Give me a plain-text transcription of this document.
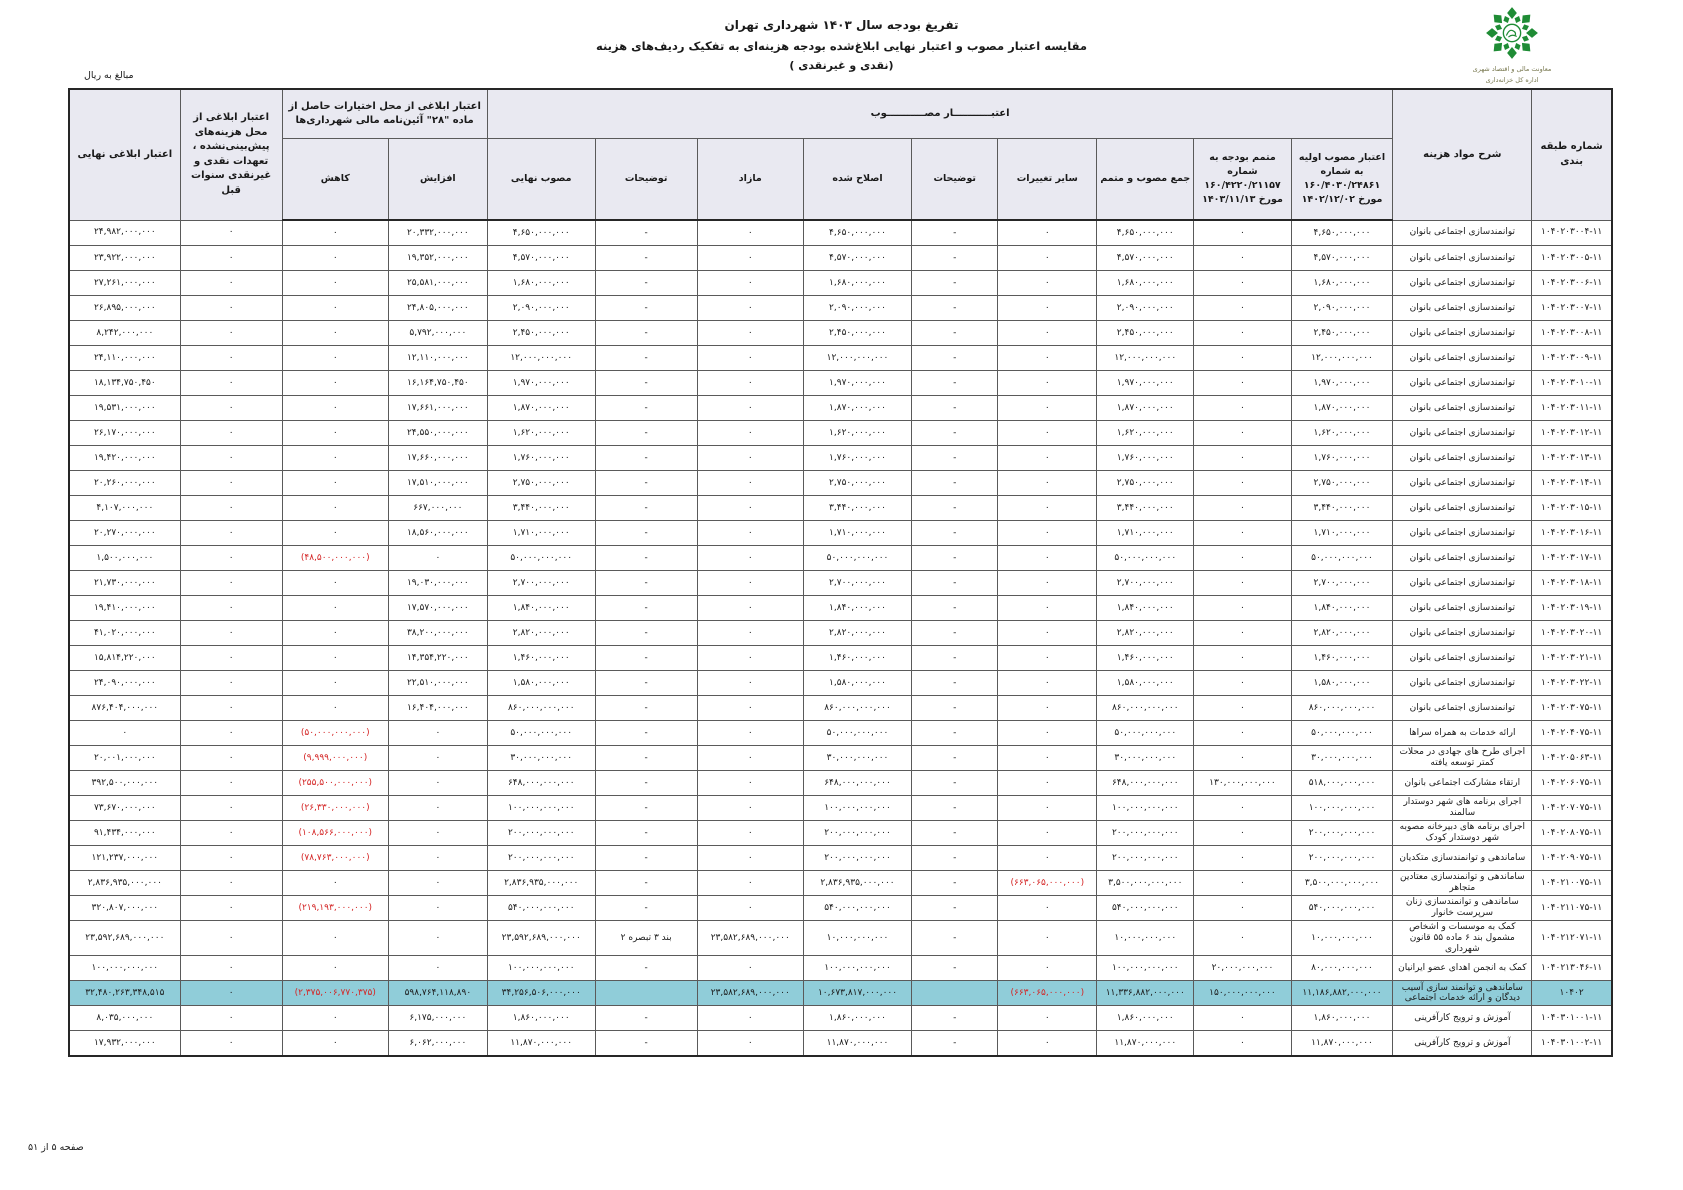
تفریغ بودجه سال ۱۴۰۳ شهرداری تهران
مقایسه اعتبار مصوب و اعتبار نهایی ابلاغ‌شده بودجه هزینه‌ای به تفکیک ردیف‌های هزینه
(نقدی و غیرنقدی )
مبالغ به ریال
معاونت مالی و اقتصاد شهری
اداره کل خزانه‌داری
شماره طبقه بندی	شرح مواد هزینه	اعتبـــــــــــار مصـــــــــــوب									اعتبار ابلاغی از محل اختیارات حاصل از ماده "۲۸" آئین‌نامه مالی شهرداری‌ها		اعتبار ابلاغی از محل هزینه‌های پیش‌بینی‌نشده ، تعهدات نقدی و غیرنقدی سنوات قبل	اعتبار ابلاغی نهایی
		اعتبار مصوب اولیه به شماره ۱۶۰/۴۰۳۰/۲۴۸۶۱ مورخ ۱۴۰۲/۱۲/۰۲	متمم بودجه به شماره ۱۶۰/۴۲۲۰/۲۱۱۵۷ مورخ ۱۴۰۳/۱۱/۱۳	جمع مصوب و متمم	سایر تغییرات	توضیحات	اصلاح شده	مازاد	توضیحات	مصوب نهایی	افزایش	کاهش		
۱۰۴۰۲۰۳۰۰۴-۱۱	توانمندسازی اجتماعی بانوان	۴,۶۵۰,۰۰۰,۰۰۰	۰	۴,۶۵۰,۰۰۰,۰۰۰	۰	-	۴,۶۵۰,۰۰۰,۰۰۰	۰	-	۴,۶۵۰,۰۰۰,۰۰۰	۲۰,۳۳۲,۰۰۰,۰۰۰	۰	۰	۲۴,۹۸۲,۰۰۰,۰۰۰
۱۰۴۰۲۰۳۰۰۵-۱۱	توانمندسازی اجتماعی بانوان	۴,۵۷۰,۰۰۰,۰۰۰	۰	۴,۵۷۰,۰۰۰,۰۰۰	۰	-	۴,۵۷۰,۰۰۰,۰۰۰	۰	-	۴,۵۷۰,۰۰۰,۰۰۰	۱۹,۳۵۲,۰۰۰,۰۰۰	۰	۰	۲۳,۹۲۲,۰۰۰,۰۰۰
۱۰۴۰۲۰۳۰۰۶-۱۱	توانمندسازی اجتماعی بانوان	۱,۶۸۰,۰۰۰,۰۰۰	۰	۱,۶۸۰,۰۰۰,۰۰۰	۰	-	۱,۶۸۰,۰۰۰,۰۰۰	۰	-	۱,۶۸۰,۰۰۰,۰۰۰	۲۵,۵۸۱,۰۰۰,۰۰۰	۰	۰	۲۷,۲۶۱,۰۰۰,۰۰۰
۱۰۴۰۲۰۳۰۰۷-۱۱	توانمندسازی اجتماعی بانوان	۲,۰۹۰,۰۰۰,۰۰۰	۰	۲,۰۹۰,۰۰۰,۰۰۰	۰	-	۲,۰۹۰,۰۰۰,۰۰۰	۰	-	۲,۰۹۰,۰۰۰,۰۰۰	۲۴,۸۰۵,۰۰۰,۰۰۰	۰	۰	۲۶,۸۹۵,۰۰۰,۰۰۰
۱۰۴۰۲۰۳۰۰۸-۱۱	توانمندسازی اجتماعی بانوان	۲,۴۵۰,۰۰۰,۰۰۰	۰	۲,۴۵۰,۰۰۰,۰۰۰	۰	-	۲,۴۵۰,۰۰۰,۰۰۰	۰	-	۲,۴۵۰,۰۰۰,۰۰۰	۵,۷۹۲,۰۰۰,۰۰۰	۰	۰	۸,۲۴۲,۰۰۰,۰۰۰
۱۰۴۰۲۰۳۰۰۹-۱۱	توانمندسازی اجتماعی بانوان	۱۲,۰۰۰,۰۰۰,۰۰۰	۰	۱۲,۰۰۰,۰۰۰,۰۰۰	۰	-	۱۲,۰۰۰,۰۰۰,۰۰۰	۰	-	۱۲,۰۰۰,۰۰۰,۰۰۰	۱۲,۱۱۰,۰۰۰,۰۰۰	۰	۰	۲۴,۱۱۰,۰۰۰,۰۰۰
۱۰۴۰۲۰۳۰۱۰-۱۱	توانمندسازی اجتماعی بانوان	۱,۹۷۰,۰۰۰,۰۰۰	۰	۱,۹۷۰,۰۰۰,۰۰۰	۰	-	۱,۹۷۰,۰۰۰,۰۰۰	۰	-	۱,۹۷۰,۰۰۰,۰۰۰	۱۶,۱۶۴,۷۵۰,۴۵۰	۰	۰	۱۸,۱۳۴,۷۵۰,۴۵۰
۱۰۴۰۲۰۳۰۱۱-۱۱	توانمندسازی اجتماعی بانوان	۱,۸۷۰,۰۰۰,۰۰۰	۰	۱,۸۷۰,۰۰۰,۰۰۰	۰	-	۱,۸۷۰,۰۰۰,۰۰۰	۰	-	۱,۸۷۰,۰۰۰,۰۰۰	۱۷,۶۶۱,۰۰۰,۰۰۰	۰	۰	۱۹,۵۳۱,۰۰۰,۰۰۰
۱۰۴۰۲۰۳۰۱۲-۱۱	توانمندسازی اجتماعی بانوان	۱,۶۲۰,۰۰۰,۰۰۰	۰	۱,۶۲۰,۰۰۰,۰۰۰	۰	-	۱,۶۲۰,۰۰۰,۰۰۰	۰	-	۱,۶۲۰,۰۰۰,۰۰۰	۲۴,۵۵۰,۰۰۰,۰۰۰	۰	۰	۲۶,۱۷۰,۰۰۰,۰۰۰
۱۰۴۰۲۰۳۰۱۳-۱۱	توانمندسازی اجتماعی بانوان	۱,۷۶۰,۰۰۰,۰۰۰	۰	۱,۷۶۰,۰۰۰,۰۰۰	۰	-	۱,۷۶۰,۰۰۰,۰۰۰	۰	-	۱,۷۶۰,۰۰۰,۰۰۰	۱۷,۶۶۰,۰۰۰,۰۰۰	۰	۰	۱۹,۴۲۰,۰۰۰,۰۰۰
۱۰۴۰۲۰۳۰۱۴-۱۱	توانمندسازی اجتماعی بانوان	۲,۷۵۰,۰۰۰,۰۰۰	۰	۲,۷۵۰,۰۰۰,۰۰۰	۰	-	۲,۷۵۰,۰۰۰,۰۰۰	۰	-	۲,۷۵۰,۰۰۰,۰۰۰	۱۷,۵۱۰,۰۰۰,۰۰۰	۰	۰	۲۰,۲۶۰,۰۰۰,۰۰۰
۱۰۴۰۲۰۳۰۱۵-۱۱	توانمندسازی اجتماعی بانوان	۳,۴۴۰,۰۰۰,۰۰۰	۰	۳,۴۴۰,۰۰۰,۰۰۰	۰	-	۳,۴۴۰,۰۰۰,۰۰۰	۰	-	۳,۴۴۰,۰۰۰,۰۰۰	۶۶۷,۰۰۰,۰۰۰	۰	۰	۴,۱۰۷,۰۰۰,۰۰۰
۱۰۴۰۲۰۳۰۱۶-۱۱	توانمندسازی اجتماعی بانوان	۱,۷۱۰,۰۰۰,۰۰۰	۰	۱,۷۱۰,۰۰۰,۰۰۰	۰	-	۱,۷۱۰,۰۰۰,۰۰۰	۰	-	۱,۷۱۰,۰۰۰,۰۰۰	۱۸,۵۶۰,۰۰۰,۰۰۰	۰	۰	۲۰,۲۷۰,۰۰۰,۰۰۰
۱۰۴۰۲۰۳۰۱۷-۱۱	توانمندسازی اجتماعی بانوان	۵۰,۰۰۰,۰۰۰,۰۰۰	۰	۵۰,۰۰۰,۰۰۰,۰۰۰	۰	-	۵۰,۰۰۰,۰۰۰,۰۰۰	۰	-	۵۰,۰۰۰,۰۰۰,۰۰۰	۰	(۴۸,۵۰۰,۰۰۰,۰۰۰)	۰	۱,۵۰۰,۰۰۰,۰۰۰
۱۰۴۰۲۰۳۰۱۸-۱۱	توانمندسازی اجتماعی بانوان	۲,۷۰۰,۰۰۰,۰۰۰	۰	۲,۷۰۰,۰۰۰,۰۰۰	۰	-	۲,۷۰۰,۰۰۰,۰۰۰	۰	-	۲,۷۰۰,۰۰۰,۰۰۰	۱۹,۰۳۰,۰۰۰,۰۰۰	۰	۰	۲۱,۷۳۰,۰۰۰,۰۰۰
۱۰۴۰۲۰۳۰۱۹-۱۱	توانمندسازی اجتماعی بانوان	۱,۸۴۰,۰۰۰,۰۰۰	۰	۱,۸۴۰,۰۰۰,۰۰۰	۰	-	۱,۸۴۰,۰۰۰,۰۰۰	۰	-	۱,۸۴۰,۰۰۰,۰۰۰	۱۷,۵۷۰,۰۰۰,۰۰۰	۰	۰	۱۹,۴۱۰,۰۰۰,۰۰۰
۱۰۴۰۲۰۳۰۲۰-۱۱	توانمندسازی اجتماعی بانوان	۲,۸۲۰,۰۰۰,۰۰۰	۰	۲,۸۲۰,۰۰۰,۰۰۰	۰	-	۲,۸۲۰,۰۰۰,۰۰۰	۰	-	۲,۸۲۰,۰۰۰,۰۰۰	۳۸,۲۰۰,۰۰۰,۰۰۰	۰	۰	۴۱,۰۲۰,۰۰۰,۰۰۰
۱۰۴۰۲۰۳۰۲۱-۱۱	توانمندسازی اجتماعی بانوان	۱,۴۶۰,۰۰۰,۰۰۰	۰	۱,۴۶۰,۰۰۰,۰۰۰	۰	-	۱,۴۶۰,۰۰۰,۰۰۰	۰	-	۱,۴۶۰,۰۰۰,۰۰۰	۱۴,۳۵۴,۲۲۰,۰۰۰	۰	۰	۱۵,۸۱۴,۲۲۰,۰۰۰
۱۰۴۰۲۰۳۰۲۲-۱۱	توانمندسازی اجتماعی بانوان	۱,۵۸۰,۰۰۰,۰۰۰	۰	۱,۵۸۰,۰۰۰,۰۰۰	۰	-	۱,۵۸۰,۰۰۰,۰۰۰	۰	-	۱,۵۸۰,۰۰۰,۰۰۰	۲۲,۵۱۰,۰۰۰,۰۰۰	۰	۰	۲۴,۰۹۰,۰۰۰,۰۰۰
۱۰۴۰۲۰۳۰۷۵-۱۱	توانمندسازی اجتماعی بانوان	۸۶۰,۰۰۰,۰۰۰,۰۰۰	۰	۸۶۰,۰۰۰,۰۰۰,۰۰۰	۰	-	۸۶۰,۰۰۰,۰۰۰,۰۰۰	۰	-	۸۶۰,۰۰۰,۰۰۰,۰۰۰	۱۶,۴۰۴,۰۰۰,۰۰۰	۰	۰	۸۷۶,۴۰۴,۰۰۰,۰۰۰
۱۰۴۰۲۰۴۰۷۵-۱۱	ارائه خدمات به همراه سراها	۵۰,۰۰۰,۰۰۰,۰۰۰	۰	۵۰,۰۰۰,۰۰۰,۰۰۰	۰	-	۵۰,۰۰۰,۰۰۰,۰۰۰	۰	-	۵۰,۰۰۰,۰۰۰,۰۰۰	۰	(۵۰,۰۰۰,۰۰۰,۰۰۰)	۰	۰
۱۰۴۰۲۰۵۰۶۳-۱۱	اجرای طرح های جهادی در محلات کمتر توسعه یافته	۳۰,۰۰۰,۰۰۰,۰۰۰	۰	۳۰,۰۰۰,۰۰۰,۰۰۰	۰	-	۳۰,۰۰۰,۰۰۰,۰۰۰	۰	-	۳۰,۰۰۰,۰۰۰,۰۰۰	۰	(۹,۹۹۹,۰۰۰,۰۰۰)	۰	۲۰,۰۰۱,۰۰۰,۰۰۰
۱۰۴۰۲۰۶۰۷۵-۱۱	ارتقاء مشارکت اجتماعی بانوان	۵۱۸,۰۰۰,۰۰۰,۰۰۰	۱۳۰,۰۰۰,۰۰۰,۰۰۰	۶۴۸,۰۰۰,۰۰۰,۰۰۰	۰	-	۶۴۸,۰۰۰,۰۰۰,۰۰۰	۰	-	۶۴۸,۰۰۰,۰۰۰,۰۰۰	۰	(۲۵۵,۵۰۰,۰۰۰,۰۰۰)	۰	۳۹۲,۵۰۰,۰۰۰,۰۰۰
۱۰۴۰۲۰۷۰۷۵-۱۱	اجرای برنامه های شهر دوستدار سالمند	۱۰۰,۰۰۰,۰۰۰,۰۰۰	۰	۱۰۰,۰۰۰,۰۰۰,۰۰۰	۰	-	۱۰۰,۰۰۰,۰۰۰,۰۰۰	۰	-	۱۰۰,۰۰۰,۰۰۰,۰۰۰	۰	(۲۶,۳۳۰,۰۰۰,۰۰۰)	۰	۷۳,۶۷۰,۰۰۰,۰۰۰
۱۰۴۰۲۰۸۰۷۵-۱۱	اجرای برنامه های دبیرخانه مصوبه شهر دوستدار کودک	۲۰۰,۰۰۰,۰۰۰,۰۰۰	۰	۲۰۰,۰۰۰,۰۰۰,۰۰۰	۰	-	۲۰۰,۰۰۰,۰۰۰,۰۰۰	۰	-	۲۰۰,۰۰۰,۰۰۰,۰۰۰	۰	(۱۰۸,۵۶۶,۰۰۰,۰۰۰)	۰	۹۱,۴۳۴,۰۰۰,۰۰۰
۱۰۴۰۲۰۹۰۷۵-۱۱	ساماندهی و توانمندسازی متکدیان	۲۰۰,۰۰۰,۰۰۰,۰۰۰	۰	۲۰۰,۰۰۰,۰۰۰,۰۰۰	۰	-	۲۰۰,۰۰۰,۰۰۰,۰۰۰	۰	-	۲۰۰,۰۰۰,۰۰۰,۰۰۰	۰	(۷۸,۷۶۳,۰۰۰,۰۰۰)	۰	۱۲۱,۲۳۷,۰۰۰,۰۰۰
۱۰۴۰۲۱۰۰۷۵-۱۱	ساماندهی و توانمندسازی معتادین متجاهر	۳,۵۰۰,۰۰۰,۰۰۰,۰۰۰	۰	۳,۵۰۰,۰۰۰,۰۰۰,۰۰۰	(۶۶۳,۰۶۵,۰۰۰,۰۰۰)	-	۲,۸۳۶,۹۳۵,۰۰۰,۰۰۰	۰	-	۲,۸۳۶,۹۳۵,۰۰۰,۰۰۰	۰	۰	۰	۲,۸۳۶,۹۳۵,۰۰۰,۰۰۰
۱۰۴۰۲۱۱۰۷۵-۱۱	ساماندهی و توانمندسازی زنان سرپرست خانوار	۵۴۰,۰۰۰,۰۰۰,۰۰۰	۰	۵۴۰,۰۰۰,۰۰۰,۰۰۰	۰	-	۵۴۰,۰۰۰,۰۰۰,۰۰۰	۰	-	۵۴۰,۰۰۰,۰۰۰,۰۰۰	۰	(۲۱۹,۱۹۳,۰۰۰,۰۰۰)	۰	۳۲۰,۸۰۷,۰۰۰,۰۰۰
۱۰۴۰۲۱۲۰۷۱-۱۱	کمک به موسسات و اشخاص مشمول بند ۶ ماده ۵۵ قانون شهرداری	۱۰,۰۰۰,۰۰۰,۰۰۰	۰	۱۰,۰۰۰,۰۰۰,۰۰۰	۰	-	۱۰,۰۰۰,۰۰۰,۰۰۰	۲۳,۵۸۲,۶۸۹,۰۰۰,۰۰۰	بند ۳ تبصره ۲	۲۳,۵۹۲,۶۸۹,۰۰۰,۰۰۰	۰	۰	۰	۲۳,۵۹۲,۶۸۹,۰۰۰,۰۰۰
۱۰۴۰۲۱۳۰۴۶-۱۱	کمک به انجمن اهدای عضو ایرانیان	۸۰,۰۰۰,۰۰۰,۰۰۰	۲۰,۰۰۰,۰۰۰,۰۰۰	۱۰۰,۰۰۰,۰۰۰,۰۰۰	۰	-	۱۰۰,۰۰۰,۰۰۰,۰۰۰	۰	-	۱۰۰,۰۰۰,۰۰۰,۰۰۰	۰	۰	۰	۱۰۰,۰۰۰,۰۰۰,۰۰۰
۱۰۴۰۲	ساماندهی و توانمند سازی آسیب دیدگان و ارائه خدمات اجتماعی	۱۱,۱۸۶,۸۸۲,۰۰۰,۰۰۰	۱۵۰,۰۰۰,۰۰۰,۰۰۰	۱۱,۳۳۶,۸۸۲,۰۰۰,۰۰۰	(۶۶۳,۰۶۵,۰۰۰,۰۰۰)		۱۰,۶۷۳,۸۱۷,۰۰۰,۰۰۰	۲۳,۵۸۲,۶۸۹,۰۰۰,۰۰۰		۳۴,۲۵۶,۵۰۶,۰۰۰,۰۰۰	۵۹۸,۷۶۴,۱۱۸,۸۹۰	(۲,۳۷۵,۰۰۶,۷۷۰,۳۷۵)	۰	۳۲,۴۸۰,۲۶۳,۳۴۸,۵۱۵
۱۰۴۰۳۰۱۰۰۱-۱۱	آموزش و ترویج کارآفرینی	۱,۸۶۰,۰۰۰,۰۰۰	۰	۱,۸۶۰,۰۰۰,۰۰۰	۰	-	۱,۸۶۰,۰۰۰,۰۰۰	۰	-	۱,۸۶۰,۰۰۰,۰۰۰	۶,۱۷۵,۰۰۰,۰۰۰	۰	۰	۸,۰۳۵,۰۰۰,۰۰۰
۱۰۴۰۳۰۱۰۰۲-۱۱	آموزش و ترویج کارآفرینی	۱۱,۸۷۰,۰۰۰,۰۰۰	۰	۱۱,۸۷۰,۰۰۰,۰۰۰	۰	-	۱۱,۸۷۰,۰۰۰,۰۰۰	۰	-	۱۱,۸۷۰,۰۰۰,۰۰۰	۶,۰۶۲,۰۰۰,۰۰۰	۰	۰	۱۷,۹۳۲,۰۰۰,۰۰۰
صفحه ۵ از ۵۱
